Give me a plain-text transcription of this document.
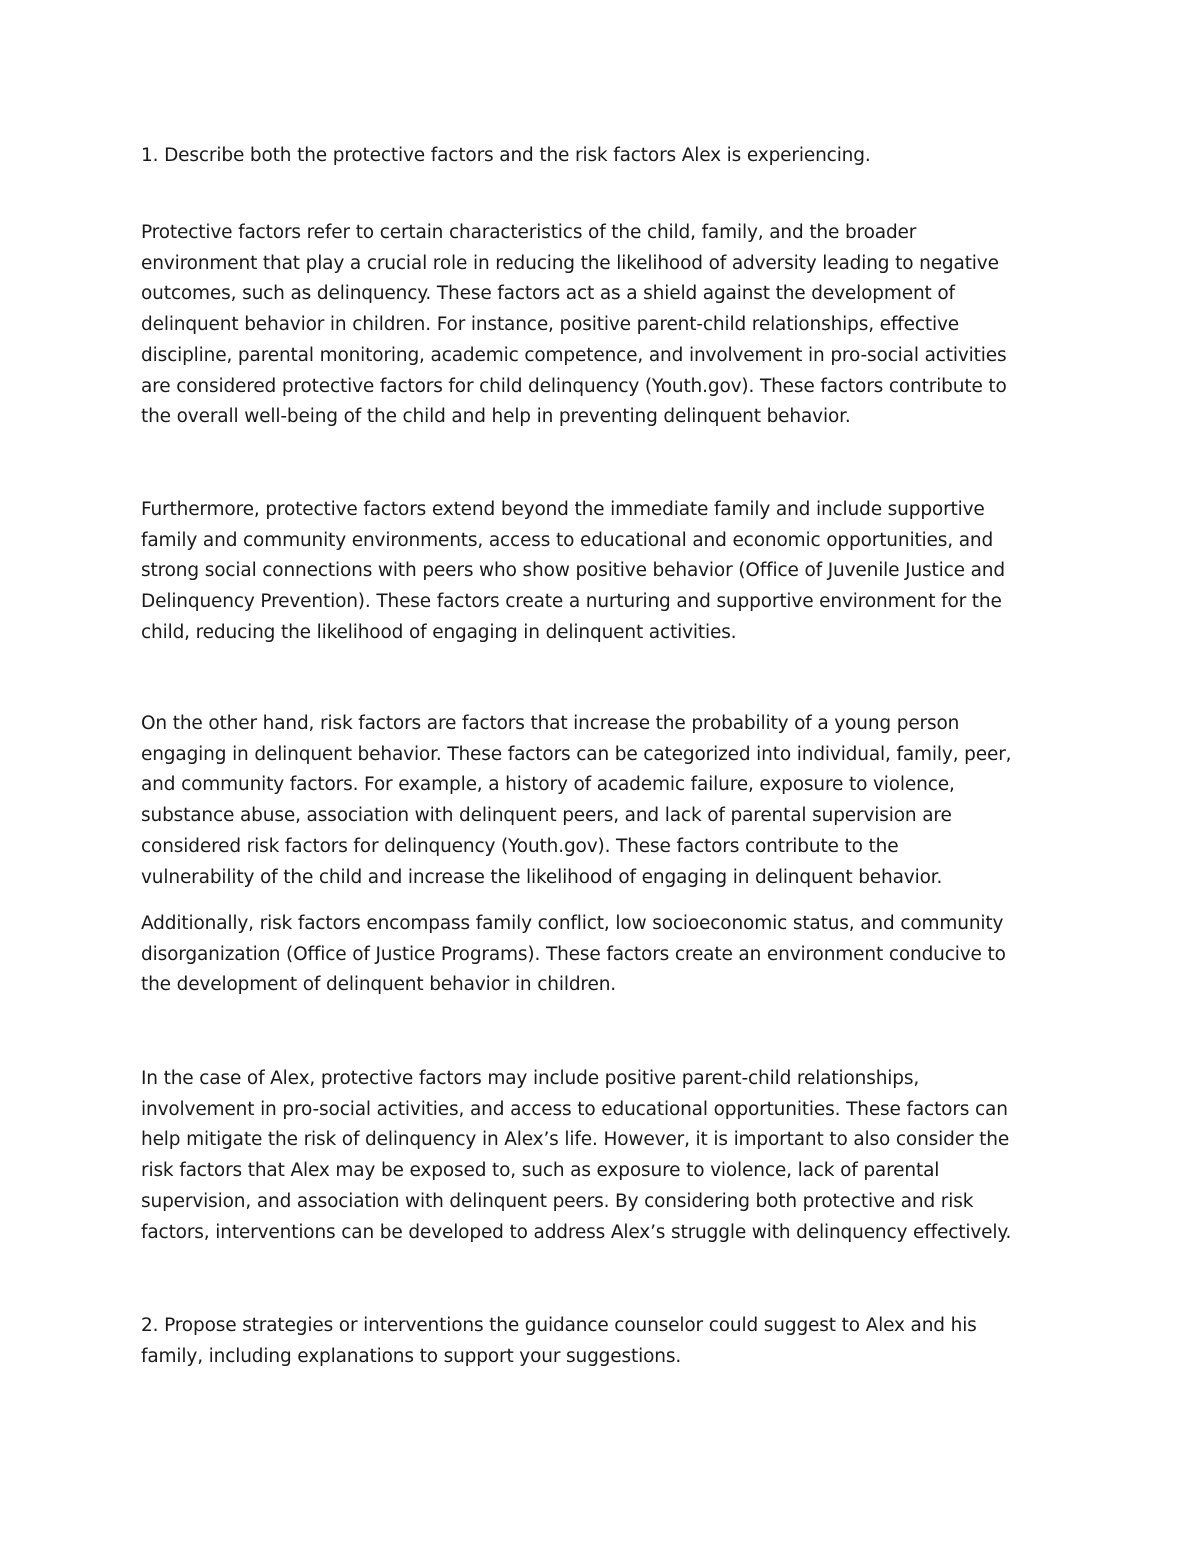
1. Describe both the protective factors and the risk factors Alex is experiencing.

Protective factors refer to certain characteristics of the child, family, and the broader
environment that play a crucial role in reducing the likelihood of adversity leading to negative
outcomes, such as delinquency. These factors act as a shield against the development of
delinquent behavior in children. For instance, positive parent-child relationships, effective
discipline, parental monitoring, academic competence, and involvement in pro-social activities
are considered protective factors for child delinquency (Youth.gov). These factors contribute to
the overall well-being of the child and help in preventing delinquent behavior.

Furthermore, protective factors extend beyond the immediate family and include supportive
family and community environments, access to educational and economic opportunities, and
strong social connections with peers who show positive behavior (Office of Juvenile Justice and
Delinquency Prevention). These factors create a nurturing and supportive environment for the
child, reducing the likelihood of engaging in delinquent activities.

On the other hand, risk factors are factors that increase the probability of a young person
engaging in delinquent behavior. These factors can be categorized into individual, family, peer,
and community factors. For example, a history of academic failure, exposure to violence,
substance abuse, association with delinquent peers, and lack of parental supervision are
considered risk factors for delinquency (Youth.gov). These factors contribute to the
vulnerability of the child and increase the likelihood of engaging in delinquent behavior.

Additionally, risk factors encompass family conflict, low socioeconomic status, and community
disorganization (Office of Justice Programs). These factors create an environment conducive to
the development of delinquent behavior in children.

In the case of Alex, protective factors may include positive parent-child relationships,
involvement in pro-social activities, and access to educational opportunities. These factors can
help mitigate the risk of delinquency in Alex’s life. However, it is important to also consider the
risk factors that Alex may be exposed to, such as exposure to violence, lack of parental
supervision, and association with delinquent peers. By considering both protective and risk
factors, interventions can be developed to address Alex’s struggle with delinquency effectively.

2. Propose strategies or interventions the guidance counselor could suggest to Alex and his
family, including explanations to support your suggestions.
